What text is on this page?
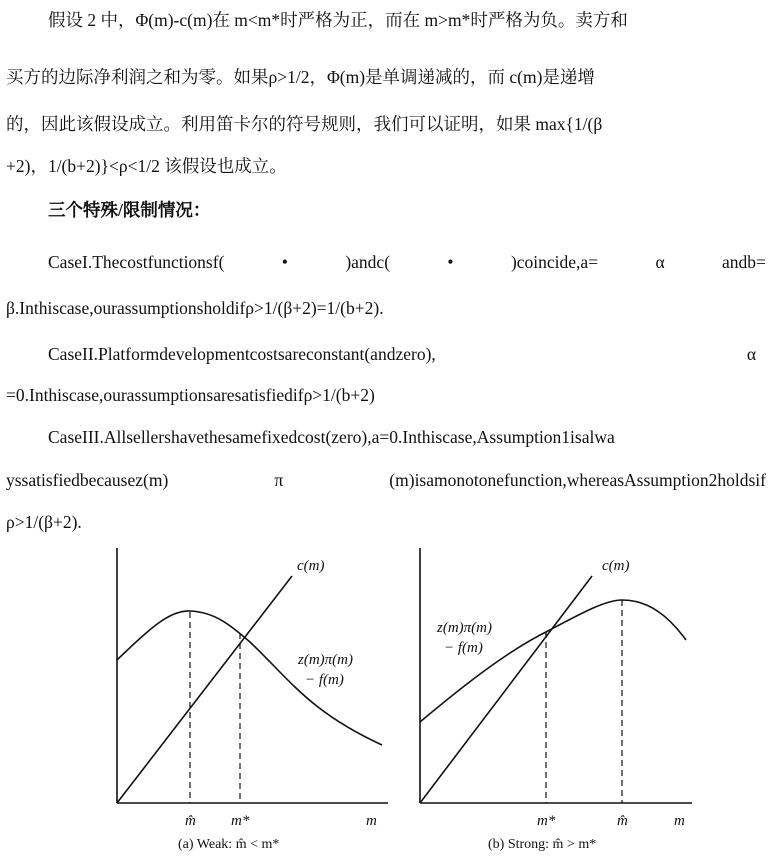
假设 2 中，Φ(m)-c(m)在 m<m*时严格为正，而在 m>m*时严格为负。卖方和
买方的边际净利润之和为零。如果ρ>1/2，Φ(m)是单调递减的，而 c(m)是递增
的，因此该假设成立。利用笛卡尔的符号规则，我们可以证明，如果 max{1/(β
+2)，1/(b+2)}<ρ<1/2 该假设也成立。
三个特殊/限制情况：
CaseI.Thecostfunctionsf(	•	)andc(	•	)coincide,a=	α	andb=
β.Inthiscase,ourassumptionsholdifρ>1/(β+2)=1/(b+2).
CaseII.Platformdevelopmentcostsareconstant(andzero),	α
=0.Inthiscase,ourassumptionsaresatisfiedifρ>1/(b+2)
CaseIII.Allsellershavethesamefixedcost(zero),a=0.Inthiscase,Assumption1isalwa
yssatisfiedbecausez(m)	π	(m)isamonotonefunction,whereasAssumption2holdsif
ρ>1/(β+2).
c(m)
z(m)π(m)
− f(m)
m̂ m*	m
(a) Weak: m̂ < m*
c(m)
z(m)π(m)
− f(m)
m*	m̂	m
(b) Strong: m̂ > m*
